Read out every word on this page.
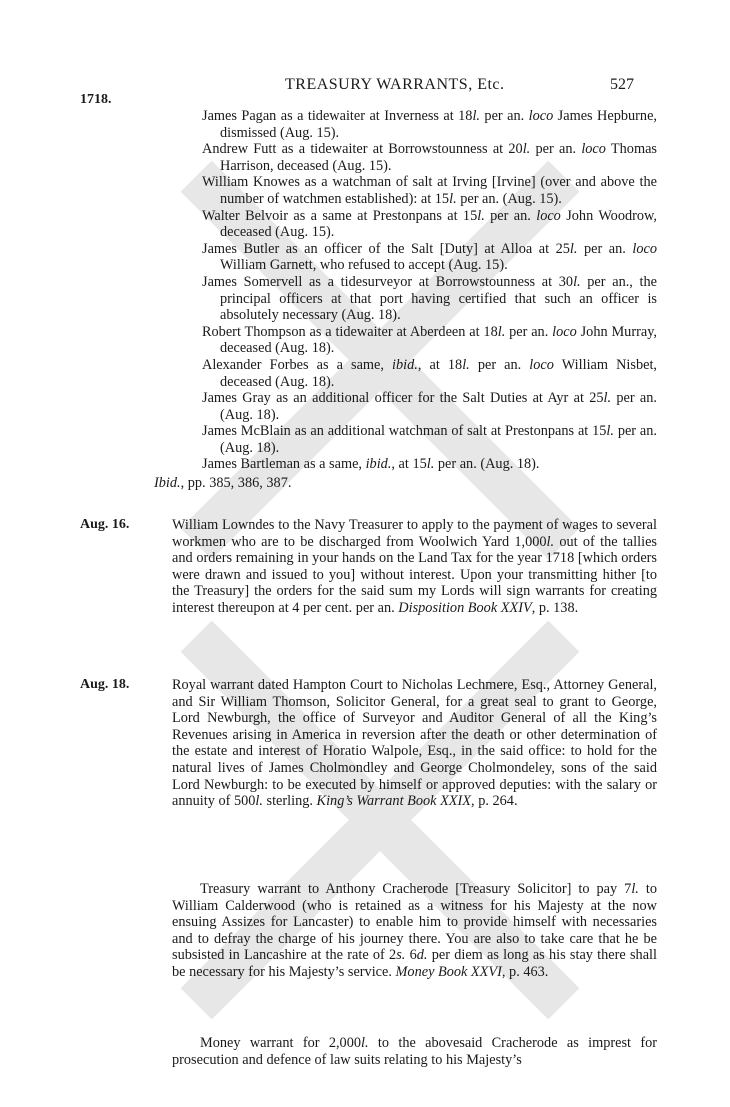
TREASURY WARRANTS, Etc.	527
1718.
James Pagan as a tidewaiter at Inverness at 18l. per an. loco James Hepburne, dismissed (Aug. 15).
Andrew Futt as a tidewaiter at Borrowstounness at 20l. per an. loco Thomas Harrison, deceased (Aug. 15).
William Knowes as a watchman of salt at Irving [Irvine] (over and above the number of watchmen established): at 15l. per an. (Aug. 15).
Walter Belvoir as a same at Prestonpans at 15l. per an. loco John Woodrow, deceased (Aug. 15).
James Butler as an officer of the Salt [Duty] at Alloa at 25l. per an. loco William Garnett, who refused to accept (Aug. 15).
James Somervell as a tidesurveyor at Borrowstounness at 30l. per an., the principal officers at that port having certified that such an officer is absolutely necessary (Aug. 18).
Robert Thompson as a tidewaiter at Aberdeen at 18l. per an. loco John Murray, deceased (Aug. 18).
Alexander Forbes as a same, ibid., at 18l. per an. loco William Nisbet, deceased (Aug. 18).
James Gray as an additional officer for the Salt Duties at Ayr at 25l. per an. (Aug. 18).
James McBlain as an additional watchman of salt at Prestonpans at 15l. per an. (Aug. 18).
James Bartleman as a same, ibid., at 15l. per an. (Aug. 18).
Ibid., pp. 385, 386, 387.
Aug. 16.	William Lowndes to the Navy Treasurer to apply to the payment of wages to several workmen who are to be discharged from Woolwich Yard 1,000l. out of the tallies and orders remaining in your hands on the Land Tax for the year 1718 [which orders were drawn and issued to you] without interest. Upon your transmitting hither [to the Treasury] the orders for the said sum my Lords will sign warrants for creating interest thereupon at 4 per cent. per an. Disposition Book XXIV, p. 138.
Aug. 18.	Royal warrant dated Hampton Court to Nicholas Lechmere, Esq., Attorney General, and Sir William Thomson, Solicitor General, for a great seal to grant to George, Lord Newburgh, the office of Surveyor and Auditor General of all the King’s Revenues arising in America in reversion after the death or other determination of the estate and interest of Horatio Walpole, Esq., in the said office: to hold for the natural lives of James Cholmondley and George Cholmondeley, sons of the said Lord Newburgh: to be executed by himself or approved deputies: with the salary or annuity of 500l. sterling. King’s Warrant Book XXIX, p. 264.
Treasury warrant to Anthony Cracherode [Treasury Solicitor] to pay 7l. to William Calderwood (who is retained as a witness for his Majesty at the now ensuing Assizes for Lancaster) to enable him to provide himself with necessaries and to defray the charge of his journey there. You are also to take care that he be subsisted in Lancashire at the rate of 2s. 6d. per diem as long as his stay there shall be necessary for his Majesty’s service. Money Book XXVI, p. 463.
Money warrant for 2,000l. to the abovesaid Cracherode as imprest for prosecution and defence of law suits relating to his Majesty’s
